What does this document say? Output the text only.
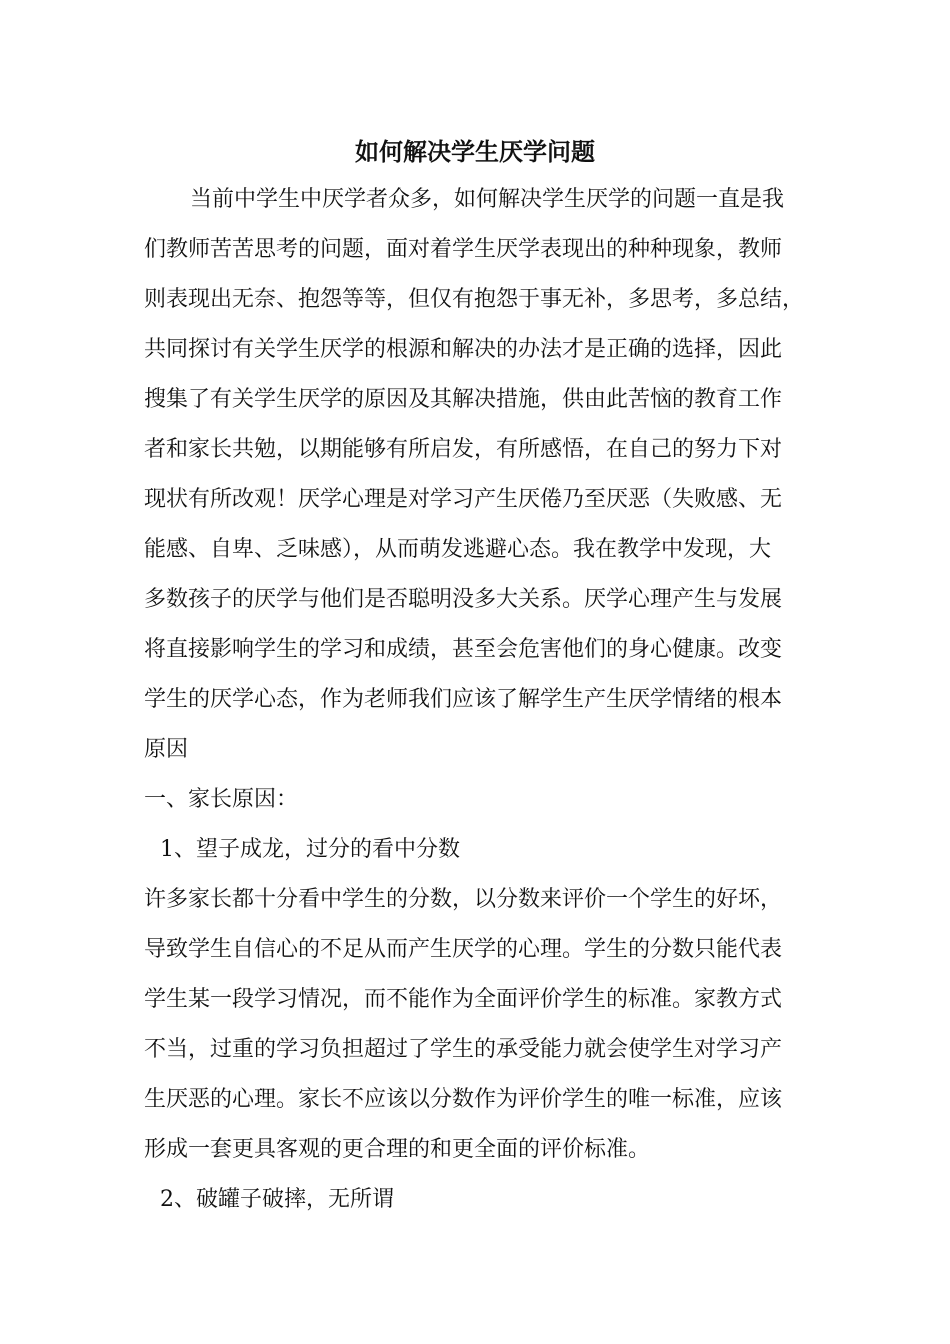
如何解决学生厌学问题
当前中学生中厌学者众多，如何解决学生厌学的问题一直是我
们教师苦苦思考的问题，面对着学生厌学表现出的种种现象，教师
则表现出无奈、抱怨等等，但仅有抱怨于事无补，多思考，多总结，
共同探讨有关学生厌学的根源和解决的办法才是正确的选择，因此
搜集了有关学生厌学的原因及其解决措施，供由此苦恼的教育工作
者和家长共勉，以期能够有所启发，有所感悟，在自己的努力下对
现状有所改观！厌学心理是对学习产生厌倦乃至厌恶（失败感、无
能感、自卑、乏味感），从而萌发逃避心态。我在教学中发现，大
多数孩子的厌学与他们是否聪明没多大关系。厌学心理产生与发展
将直接影响学生的学习和成绩，甚至会危害他们的身心健康。改变
学生的厌学心态，作为老师我们应该了解学生产生厌学情绪的根本
原因
一、家长原因：
1、望子成龙，过分的看中分数
许多家长都十分看中学生的分数，以分数来评价一个学生的好坏，
导致学生自信心的不足从而产生厌学的心理。学生的分数只能代表
学生某一段学习情况，而不能作为全面评价学生的标准。家教方式
不当，过重的学习负担超过了学生的承受能力就会使学生对学习产
生厌恶的心理。家长不应该以分数作为评价学生的唯一标准，应该
形成一套更具客观的更合理的和更全面的评价标准。
2、破罐子破摔，无所谓
